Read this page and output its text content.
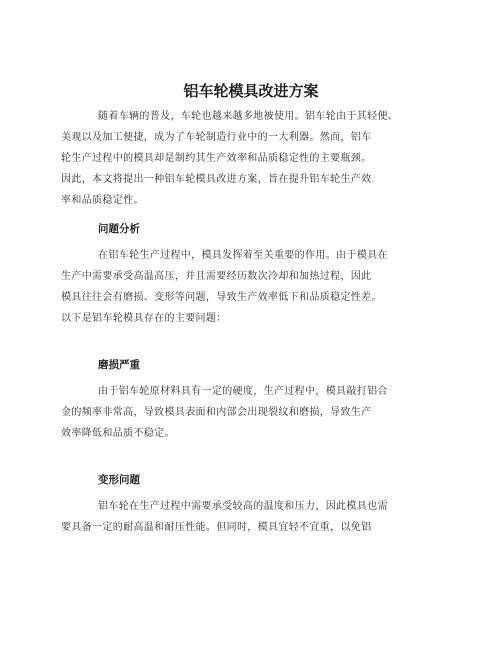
铝车轮模具改进方案
随着车辆的普及，车轮也越来越多地被使用。铝车轮由于其轻便、
美观以及加工便捷，成为了车轮制造行业中的一大利器。然而，铝车
轮生产过程中的模具却是制约其生产效率和品质稳定性的主要瓶颈。
因此，本文将提出一种铝车轮模具改进方案，旨在提升铝车轮生产效
率和品质稳定性。
问题分析
在铝车轮生产过程中，模具发挥着至关重要的作用。由于模具在
生产中需要承受高温高压，并且需要经历数次冷却和加热过程，因此
模具往往会有磨损、变形等问题，导致生产效率低下和品质稳定性差。
以下是铝车轮模具存在的主要问题：
磨损严重
由于铝车轮原材料具有一定的硬度，生产过程中，模具敲打铝合
金的频率非常高，导致模具表面和内部会出现裂纹和磨损，导致生产
效率降低和品质不稳定。
变形问题
铝车轮在生产过程中需要承受较高的温度和压力，因此模具也需
要具备一定的耐高温和耐压性能。但同时，模具宜轻不宜重，以免铝
